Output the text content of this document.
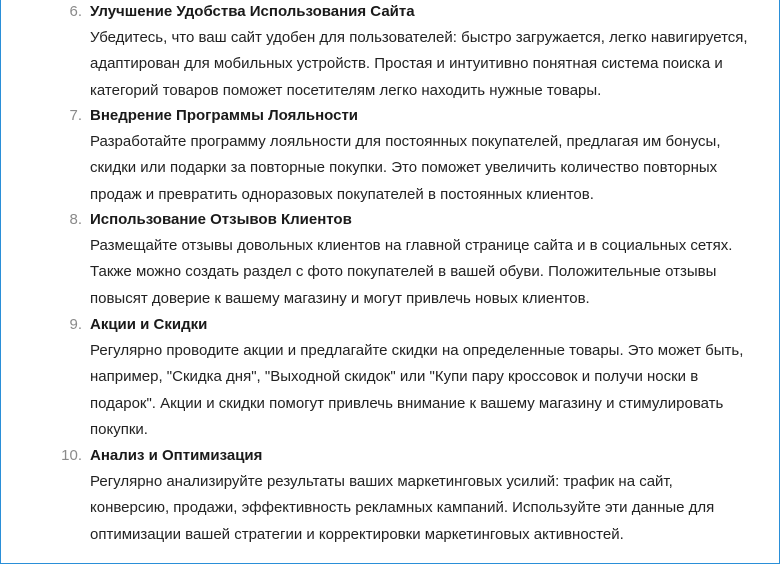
6. Улучшение Удобства Использования Сайта
Убедитесь, что ваш сайт удобен для пользователей: быстро загружается, легко навигируется,
адаптирован для мобильных устройств. Простая и интуитивно понятная система поиска и
категорий товаров поможет посетителям легко находить нужные товары.
7. Внедрение Программы Лояльности
Разработайте программу лояльности для постоянных покупателей, предлагая им бонусы,
скидки или подарки за повторные покупки. Это поможет увеличить количество повторных
продаж и превратить одноразовых покупателей в постоянных клиентов.
8. Использование Отзывов Клиентов
Размещайте отзывы довольных клиентов на главной странице сайта и в социальных сетях.
Также можно создать раздел с фото покупателей в вашей обуви. Положительные отзывы
повысят доверие к вашему магазину и могут привлечь новых клиентов.
9. Акции и Скидки
Регулярно проводите акции и предлагайте скидки на определенные товары. Это может быть,
например, "Скидка дня", "Выходной скидок" или "Купи пару кроссовок и получи носки в
подарок". Акции и скидки помогут привлечь внимание к вашему магазину и стимулировать
покупки.
10. Анализ и Оптимизация
Регулярно анализируйте результаты ваших маркетинговых усилий: трафик на сайт,
конверсию, продажи, эффективность рекламных кампаний. Используйте эти данные для
оптимизации вашей стратегии и корректировки маркетинговых активностей.
